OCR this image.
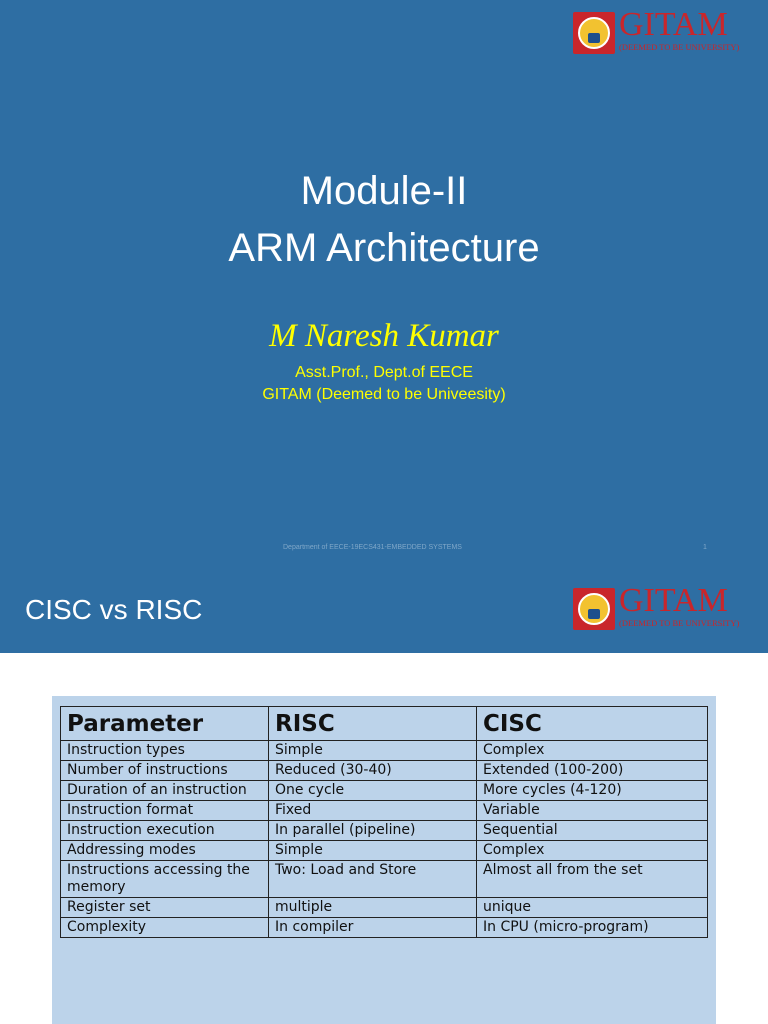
GITAM
(DEEMED TO BE UNIVERSITY)
Module-II
ARM Architecture
M Naresh Kumar
Asst.Prof., Dept.of EECE
GITAM (Deemed to be Univeesity)
Department of EECE-19ECS431-EMBEDDED SYSTEMS	1
CISC vs RISC	GITAM
(DEEMED TO BE UNIVERSITY)
Parameter	RISC	CISC
Instruction types	Simple	Complex
Number of instructions	Reduced (30-40)	Extended (100-200)
Duration of an instruction	One cycle	More cycles (4-120)
Instruction format	Fixed	Variable
Instruction execution	In parallel (pipeline)	Sequential
Addressing modes	Simple	Complex
Instructions accessing the memory	Two: Load and Store	Almost all from the set
Register set	multiple	unique
Complexity	In compiler	In CPU (micro-program)
